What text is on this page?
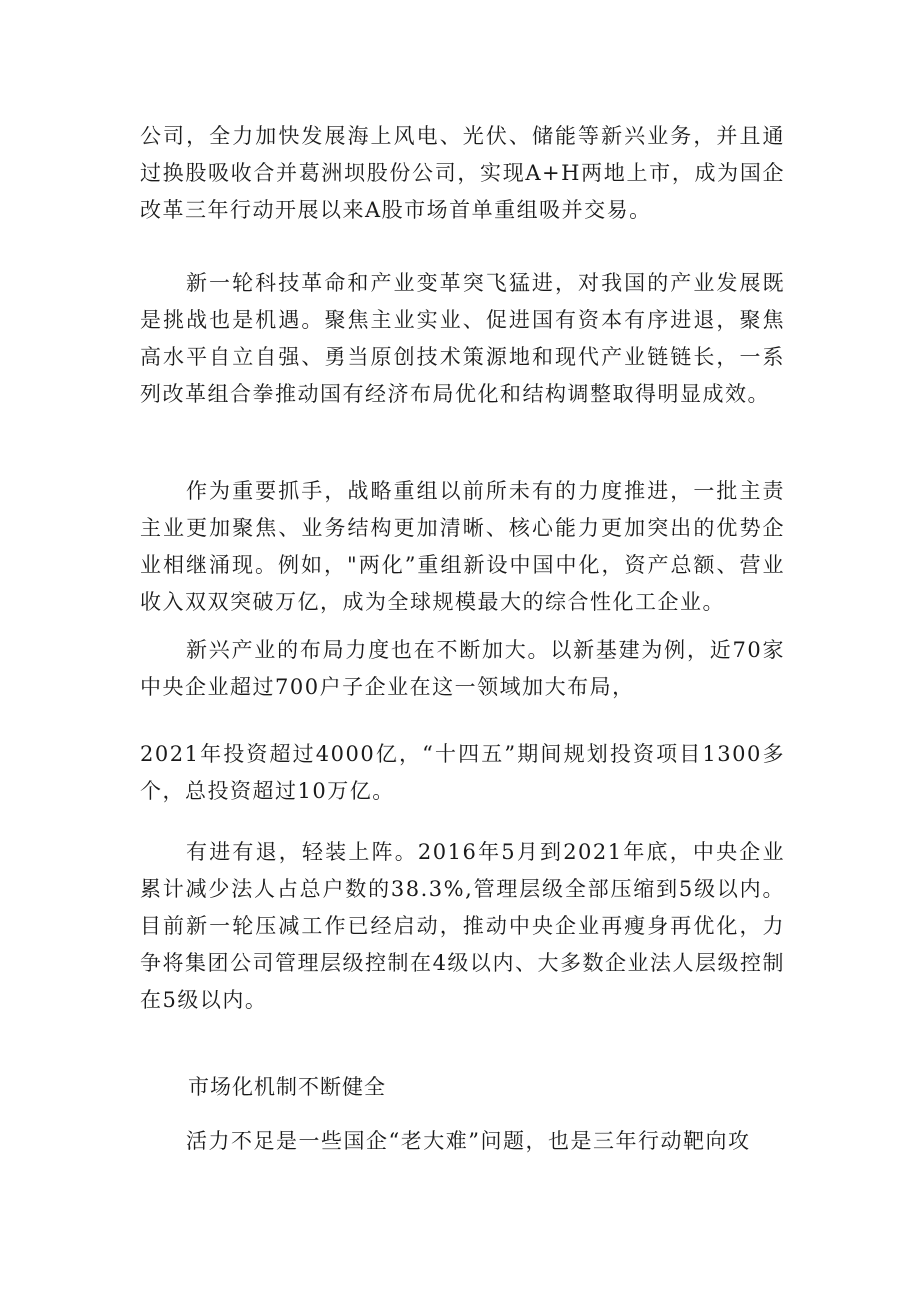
公司，全力加快发展海上风电、光伏、储能等新兴业务，并且通过换股吸收合并葛洲坝股份公司，实现A+H两地上市，成为国企改革三年行动开展以来A股市场首单重组吸并交易。

新一轮科技革命和产业变革突飞猛进，对我国的产业发展既是挑战也是机遇。聚焦主业实业、促进国有资本有序进退，聚焦高水平自立自强、勇当原创技术策源地和现代产业链链长，一系列改革组合拳推动国有经济布局优化和结构调整取得明显成效。

作为重要抓手，战略重组以前所未有的力度推进，一批主责主业更加聚焦、业务结构更加清晰、核心能力更加突出的优势企业相继涌现。例如，"两化”重组新设中国中化，资产总额、营业收入双双突破万亿，成为全球规模最大的综合性化工企业。

新兴产业的布局力度也在不断加大。以新基建为例，近70家中央企业超过700户子企业在这一领域加大布局，

2021年投资超过4000亿，“十四五”期间规划投资项目1300多个，总投资超过10万亿。

有进有退，轻装上阵。2016年5月到2021年底，中央企业累计减少法人占总户数的38.3%,管理层级全部压缩到5级以内。目前新一轮压减工作已经启动，推动中央企业再瘦身再优化，力争将集团公司管理层级控制在4级以内、大多数企业法人层级控制在5级以内。

市场化机制不断健全

活力不足是一些国企“老大难”问题，也是三年行动靶向攻
